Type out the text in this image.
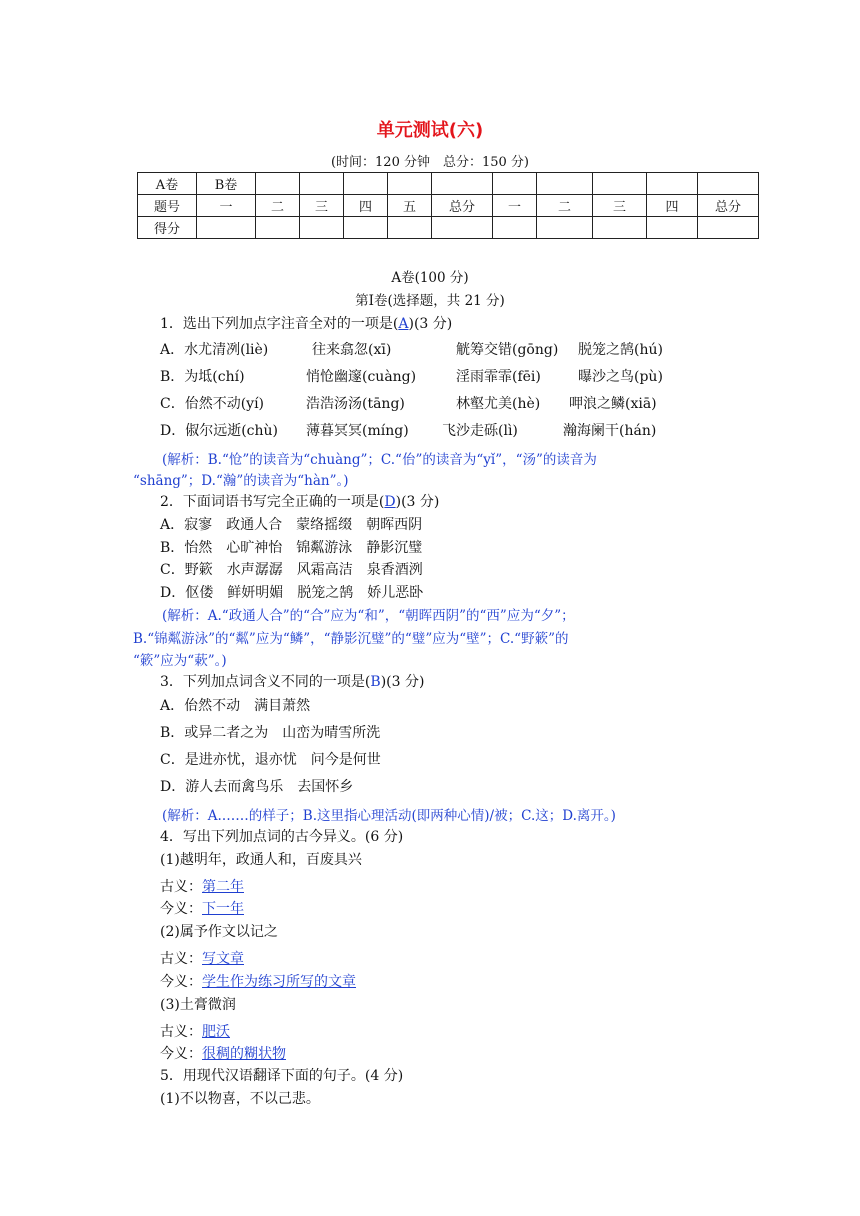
单元测试(六)
(时间：120 分钟　总分：150 分)
A卷	B卷										
题号	一	二	三	四	五	总分	一	二	三	四	总分
得分											
A卷(100 分)
第Ⅰ卷(选择题，共 21 分)
1．选出下列加点字注音全对的一项是(A)(3 分)
A．水尤清冽(liè)	往来翕忽(xī)	觥筹交错(gōng) 脱笼之鹄(hú)
B．为坻(chí)	悄怆幽邃(cuàng)	淫雨霏霏(fēi)	曝沙之鸟(pù)
C．佁然不动(yí)	浩浩汤汤(tāng)	林壑尤美(hè) 呷浪之鳞(xiā)
D．俶尔远逝(chù) 薄暮冥冥(míng) 飞沙走砾(lì)	瀚海阑干(hán)
(解析：B.“怆”的读音为“chuàng”；C.“佁”的读音为“yǐ”，“汤”的读音为
“shāng”；D.“瀚”的读音为“hàn”。)
2．下面词语书写完全正确的一项是(D)(3 分)
A．寂寥　政通人合　蒙络摇缀　朝晖西阴
B．怡然　心旷神怡　锦粼游泳　静影沉璧
C．野簌　水声潺潺　风霜高洁　泉香酒洌
D．伛偻　鲜妍明媚　脱笼之鹄　娇儿恶卧
(解析：A.“政通人合”的“合”应为“和”，“朝晖西阴”的“西”应为“夕”；
B.“锦粼游泳”的“粼”应为“鳞”，“静影沉璧”的“璧”应为“壁”；C.“野簌”的
“簌”应为“蔌”。)
3．下列加点词含义不同的一项是(B)(3 分)
A．佁然不动　满目萧然
B．或异二者之为　山峦为晴雪所洗
C．是进亦忧，退亦忧　问今是何世
D．游人去而禽鸟乐　去国怀乡
(解析：A.……的样子；B.这里指心理活动(即两种心情)/被；C.这；D.离开。)
4．写出下列加点词的古今异义。(6 分)
(1)越明年，政通人和，百废具兴
古义：第二年
今义：下一年
(2)属予作文以记之
古义：写文章
今义：学生作为练习所写的文章
(3)土膏微润
古义：肥沃
今义：很稠的糊状物
5．用现代汉语翻译下面的句子。(4 分)
(1)不以物喜，不以己悲。
